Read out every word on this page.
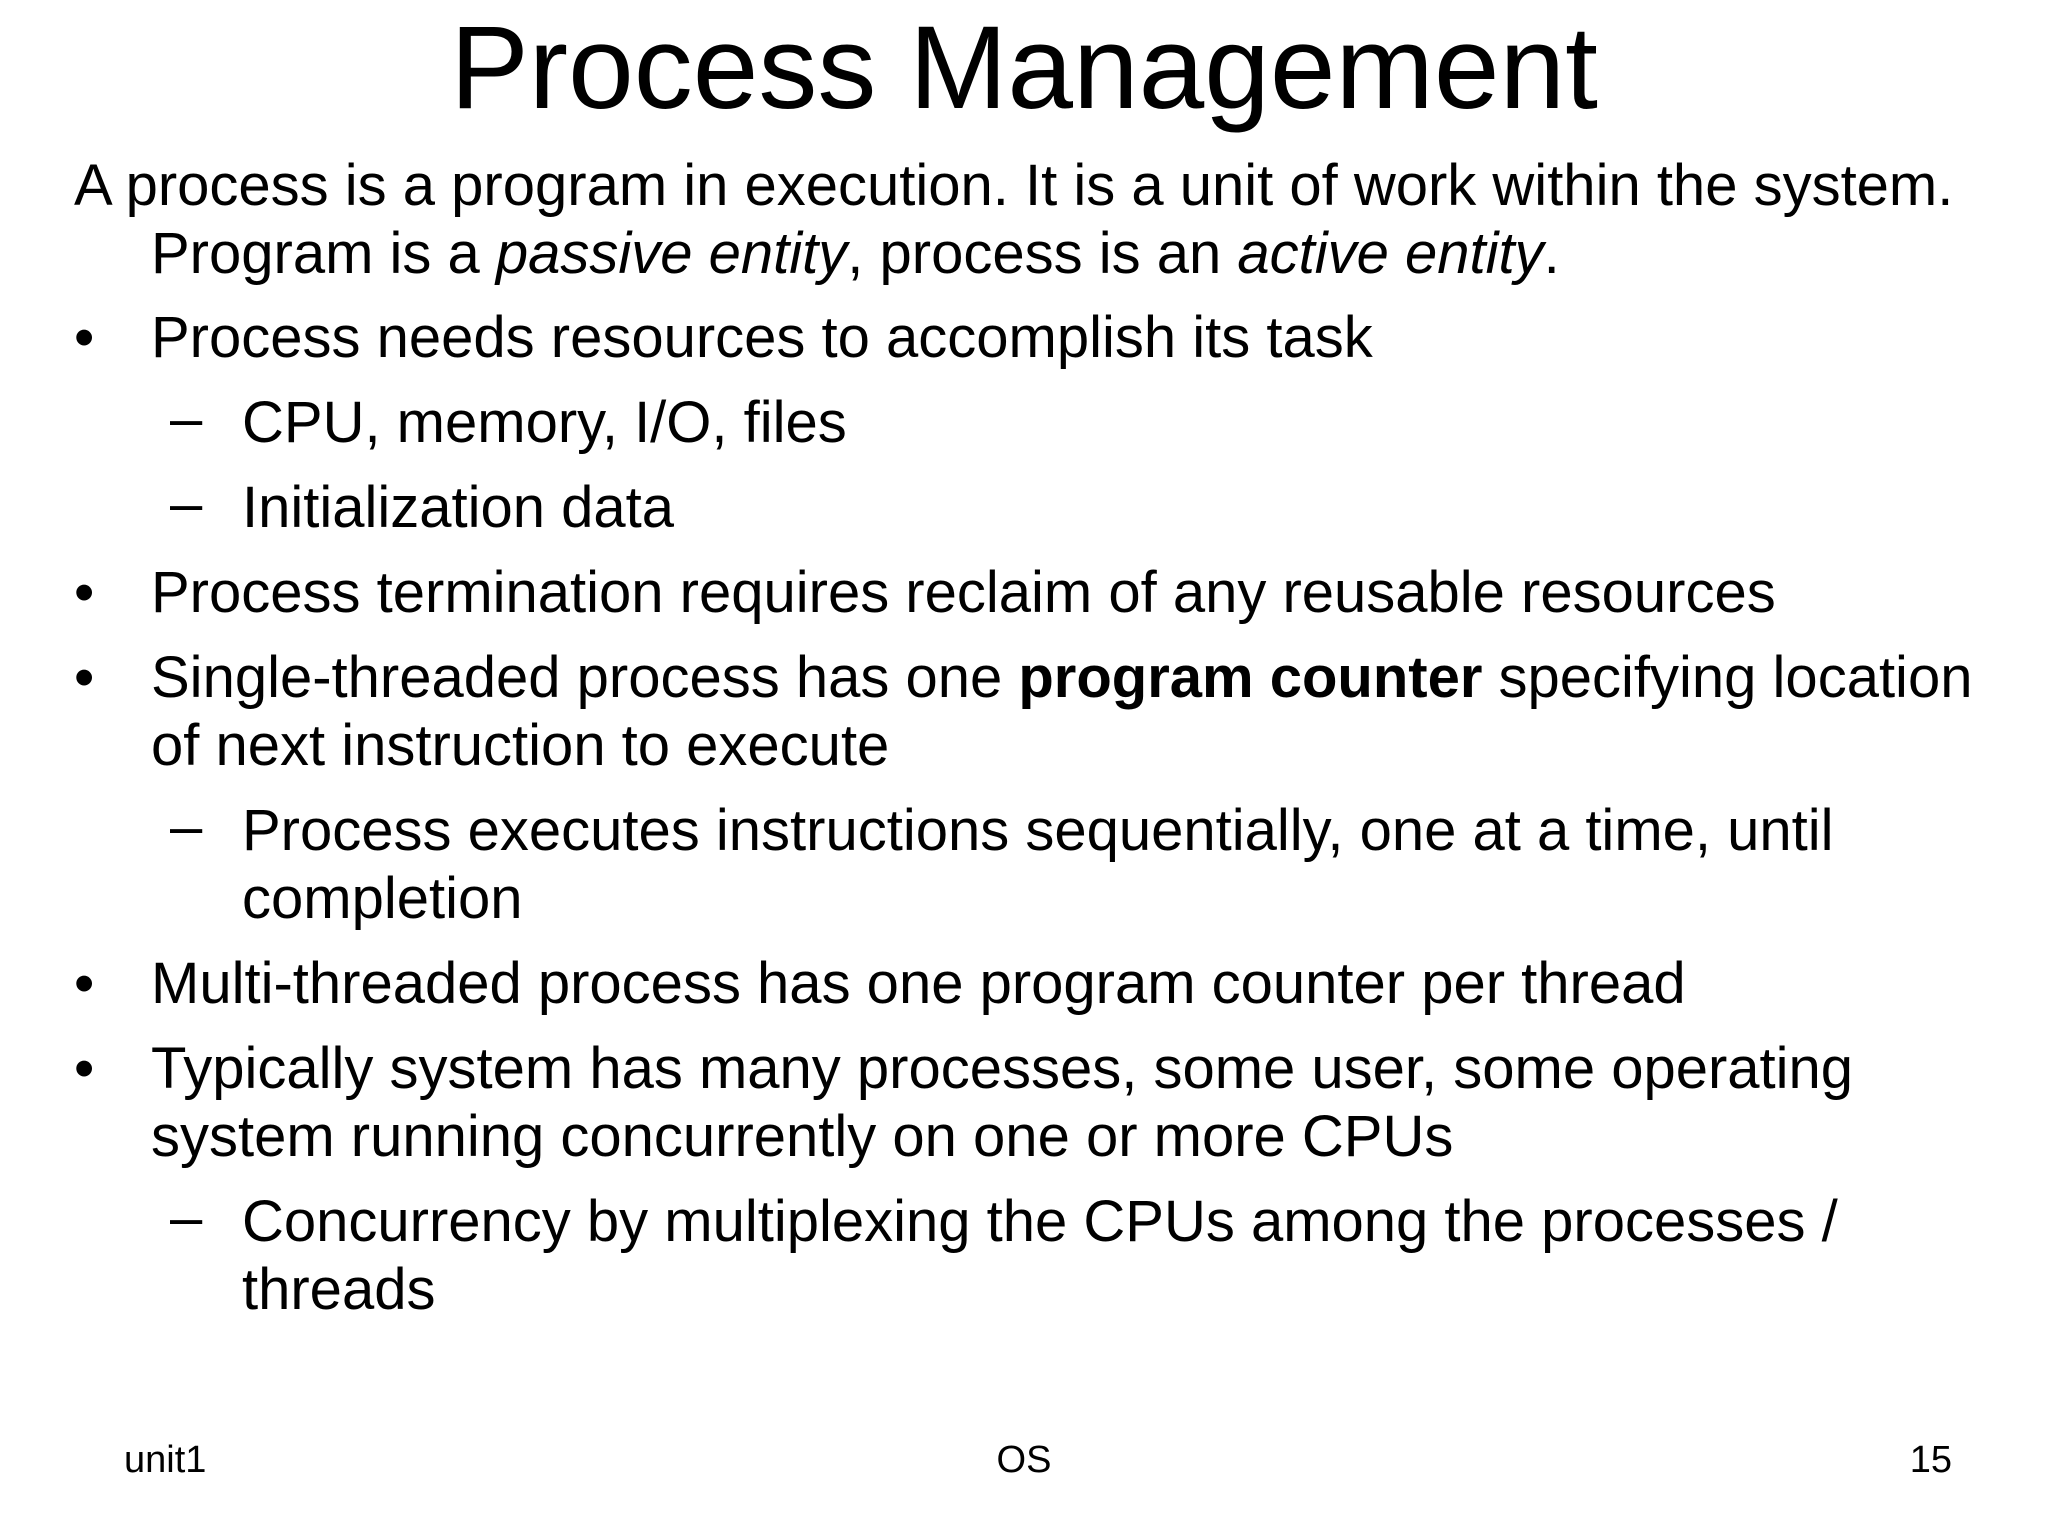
Process Management
A process is a program in execution. It is a unit of work within the system. Program is a passive entity, process is an active entity.
• Process needs resources to accomplish its task
– CPU, memory, I/O, files
– Initialization data
• Process termination requires reclaim of any reusable resources
• Single-threaded process has one program counter specifying location of next instruction to execute
– Process executes instructions sequentially, one at a time, until completion
• Multi-threaded process has one program counter per thread
• Typically system has many processes, some user, some operating system running concurrently on one or more CPUs
– Concurrency by multiplexing the CPUs among the processes / threads
unit1	OS	15
